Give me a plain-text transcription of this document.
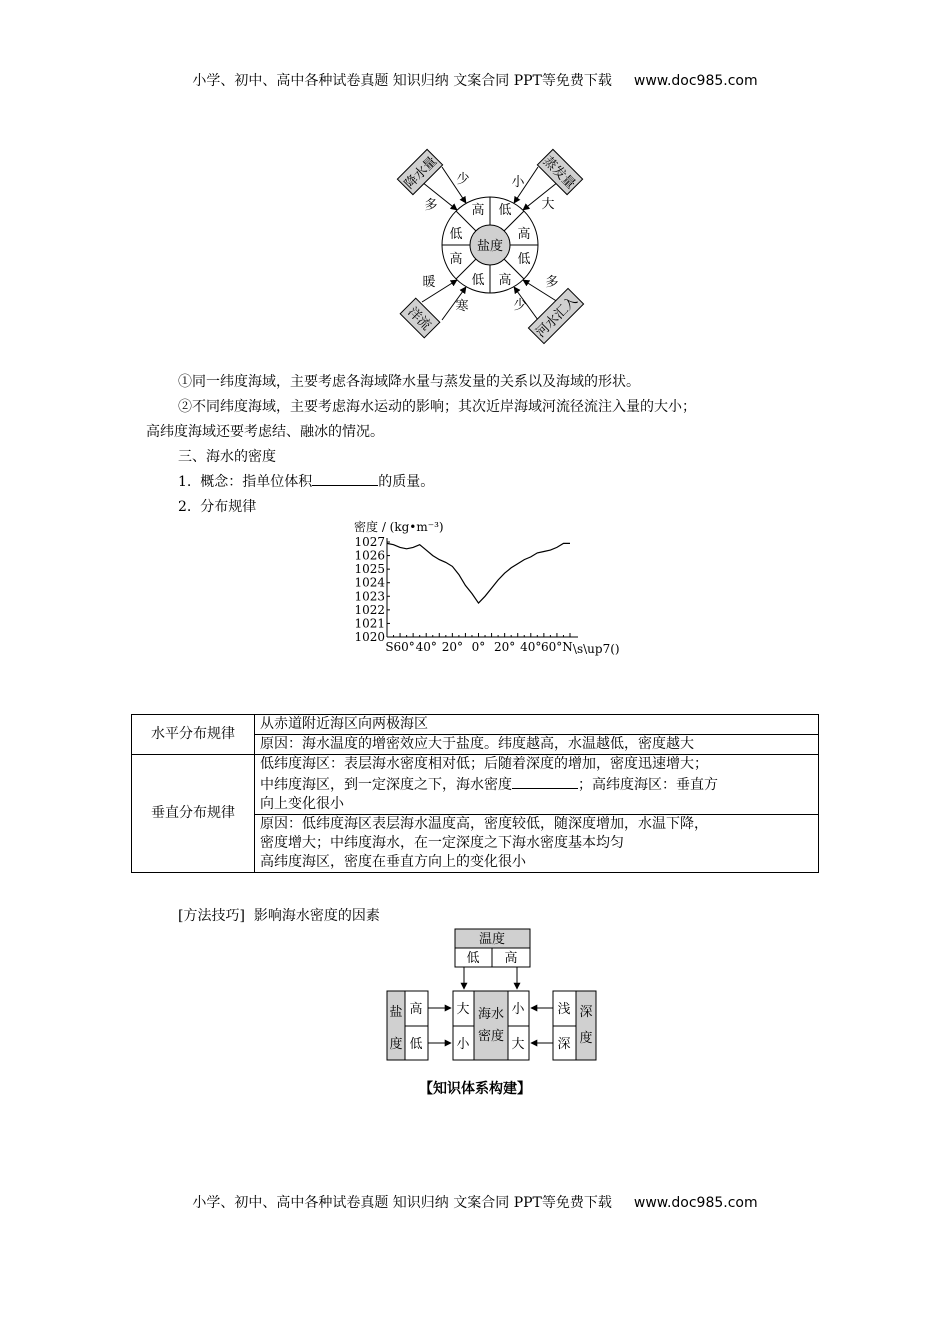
小学、初中、高中各种试卷真题 知识归纳 文案合同 PPT等免费下载 www.doc985.com
盐度
高 低
低
高
高
低
低 高
降水量	蒸发量
洋流	河水汇入
多
少	小
大
暖
寒
多
少
①同一纬度海域，主要考虑各海域降水量与蒸发量的关系以及海域的形状。
②不同纬度海域，主要考虑海水运动的影响；其次近岸海域河流径流注入量的大小；
高纬度海域还要考虑结、融冰的情况。
三、海水的密度
1. 概念：指单位体积	的质量。
2. 分布规律
密度 / (kg•m⁻³)
1020
1021
1022
1023
1024
1025
1026
1027
S60° 40° 20° 0° 20° 40° 60°N \s\up7()
水平分布规律	从赤道附近海区向两极海区
	原因：海水温度的增密效应大于盐度。纬度越高，水温越低，密度越大
垂直分布规律	低纬度海区：表层海水密度相对低；后随着深度的增加，密度迅速增大；
中纬度海区，到一定深度之下，海水密度 ；高纬度海区：垂直方
向上变化很小

	原因：低纬度海区表层海水温度高，密度较低，随深度增加，水温下降，
密度增大；中纬度海水，在一定深度之下海水密度基本均匀
高纬度海区，密度在垂直方向上的变化很小
[方法技巧] 影响海水密度的因素
温度
低 高
盐
度
高
低
大
小
海水
密度
小
大
浅
深
深
度
【知识体系构建】
小学、初中、高中各种试卷真题 知识归纳 文案合同 PPT等免费下载 www.doc985.com
